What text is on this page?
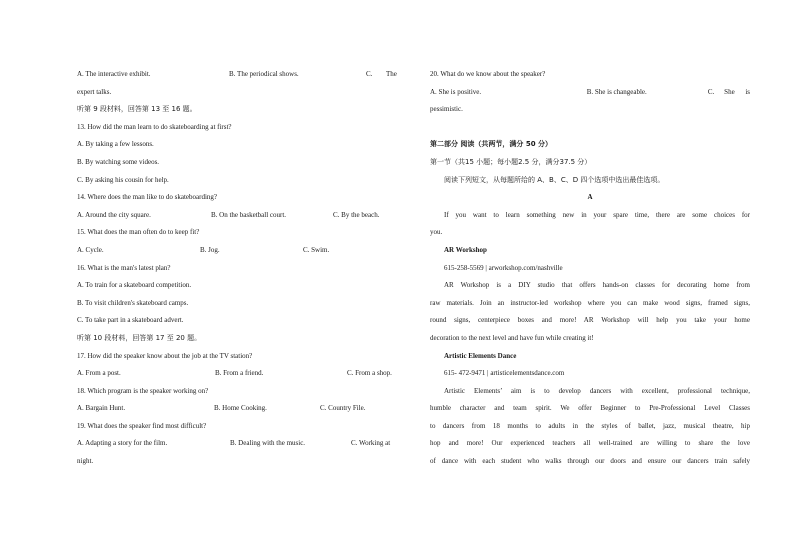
A. The interactive exhibit.	B. The periodical shows.	C.	The
expert talks.
听第 9 段材料，回答第 13 至 16 题。
13. How did the man learn to do skateboarding at first?
A. By taking a few lessons.
B. By watching some videos.
C. By asking his cousin for help.
14. Where does the man like to do skateboarding?
A. Around the city square.	B. On the basketball court.	C. By the beach.
15. What does the man often do to keep fit?
A. Cycle.	B. Jog.	C. Swim.
16. What is the man's latest plan?
A. To train for a skateboard competition.
B. To visit children's skateboard camps.
C. To take part in a skateboard advert.
听第 10 段材料，回答第 17 至 20 题。
17. How did the speaker know about the job at the TV station?
A. From a post.	B. From a friend.	C. From a shop.
18. Which program is the speaker working on?
A. Bargain Hunt.	B. Home Cooking.	C. Country File.
19. What does the speaker find most difficult?
A. Adapting a story for the film.	B. Dealing with the music.	C. Working at
night.
20. What do we know about the speaker?
A. She is positive.	B. She is changeable.	C.	She	is
pessimistic.
第二部分 阅读（共两节，满分 50 分）
第一节（共15 小题；每小题2.5 分，满分37.5 分）
阅读下列短文，从每题所给的 A、B、C、D 四个选项中选出最佳选项。
A
If you want to learn something new in your spare time, there are some choices for
you.
AR Workshop
615-258-5569 | arworkshop.com/nashville
AR Workshop is a DIY studio that offers hands-on classes for decorating home from
raw materials. Join an instructor-led workshop where you can make wood signs, framed signs,
round signs, centerpiece boxes and more! AR Workshop will help you take your home
decoration to the next level and have fun while creating it!
Artistic Elements Dance
615- 472-9471 | artisticelementsdance.com
Artistic Elements’ aim is to develop dancers with excellent, professional technique,
humble character and team spirit. We offer Beginner to Pre-Professional Level Classes
to dancers from 18 months to adults in the styles of ballet, jazz, musical theatre, hip
hop and more! Our experienced teachers all well-trained are willing to share the love
of dance with each student who walks through our doors and ensure our dancers train safely
